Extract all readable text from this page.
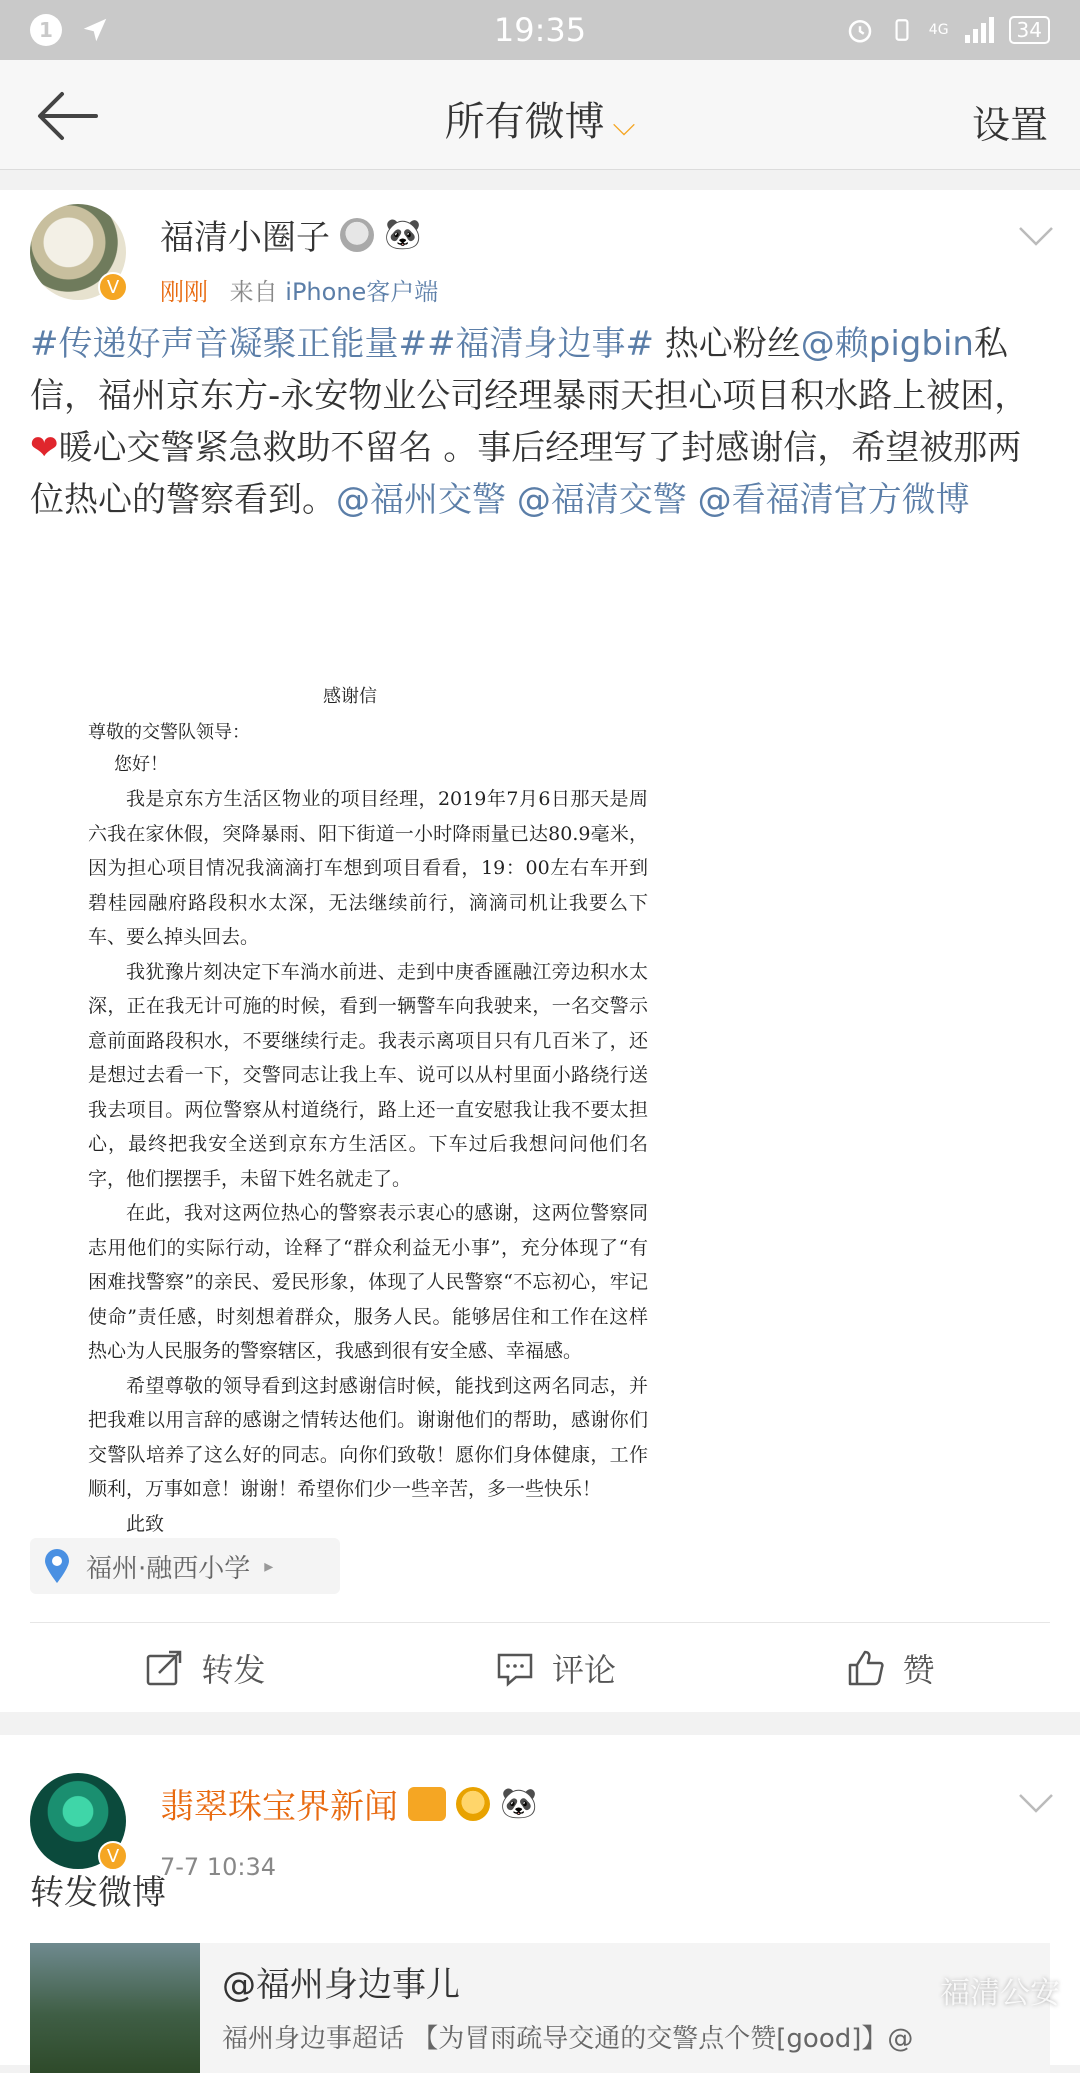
1	19:35	4G	34
所有微博 ⌵	设置
V
福清小圈子 🐼
刚刚 来自 iPhone客户端
#传递好声音凝聚正能量##福清身边事# 热心粉丝@赖pigbin私信，福州京东方-永安物业公司经理暴雨天担心项目积水路上被困，❤暖心交警紧急救助不留名 。事后经理写了封感谢信，希望被那两位热心的警察看到。@福州交警 @福清交警 @看福清官方微博
感谢信
尊敬的交警队领导：
您好！

我是京东方生活区物业的项目经理，2019年7月6日那天是周六我在家休假，突降暴雨、阳下街道一小时降雨量已达80.9毫米，因为担心项目情况我滴滴打车想到项目看看，19：00左右车开到碧桂园融府路段积水太深，无法继续前行，滴滴司机让我要么下车、要么掉头回去。

我犹豫片刻决定下车淌水前进、走到中庚香匯融江旁边积水太深，正在我无计可施的时候，看到一辆警车向我驶来，一名交警示意前面路段积水，不要继续行走。我表示离项目只有几百米了，还是想过去看一下，交警同志让我上车、说可以从村里面小路绕行送我去项目。两位警察从村道绕行，路上还一直安慰我让我不要太担心，最终把我安全送到京东方生活区。下车过后我想问问他们名字，他们摆摆手，未留下姓名就走了。

在此，我对这两位热心的警察表示衷心的感谢，这两位警察同志用他们的实际行动，诠释了“群众利益无小事”，充分体现了“有困难找警察”的亲民、爱民形象，体现了人民警察“不忘初心，牢记使命”责任感，时刻想着群众，服务人民。能够居住和工作在这样热心为人民服务的警察辖区，我感到很有安全感、幸福感。

希望尊敬的领导看到这封感谢信时候，能找到这两名同志，并把我难以用言辞的感谢之情转达他们。谢谢他们的帮助，感谢你们交警队培养了这么好的同志。向你们致敬！愿你们身体健康，工作顺利，万事如意！谢谢！希望你们少一些辛苦，多一些快乐！

此致

福州·融西小学 ▸
转发	评论	赞
V
翡翠珠宝界新闻	🐼
7-7 10:34
转发微博
@福州身边事儿
福州身边事超话 【为冒雨疏导交通的交警点个赞[good]】@
福清公安
